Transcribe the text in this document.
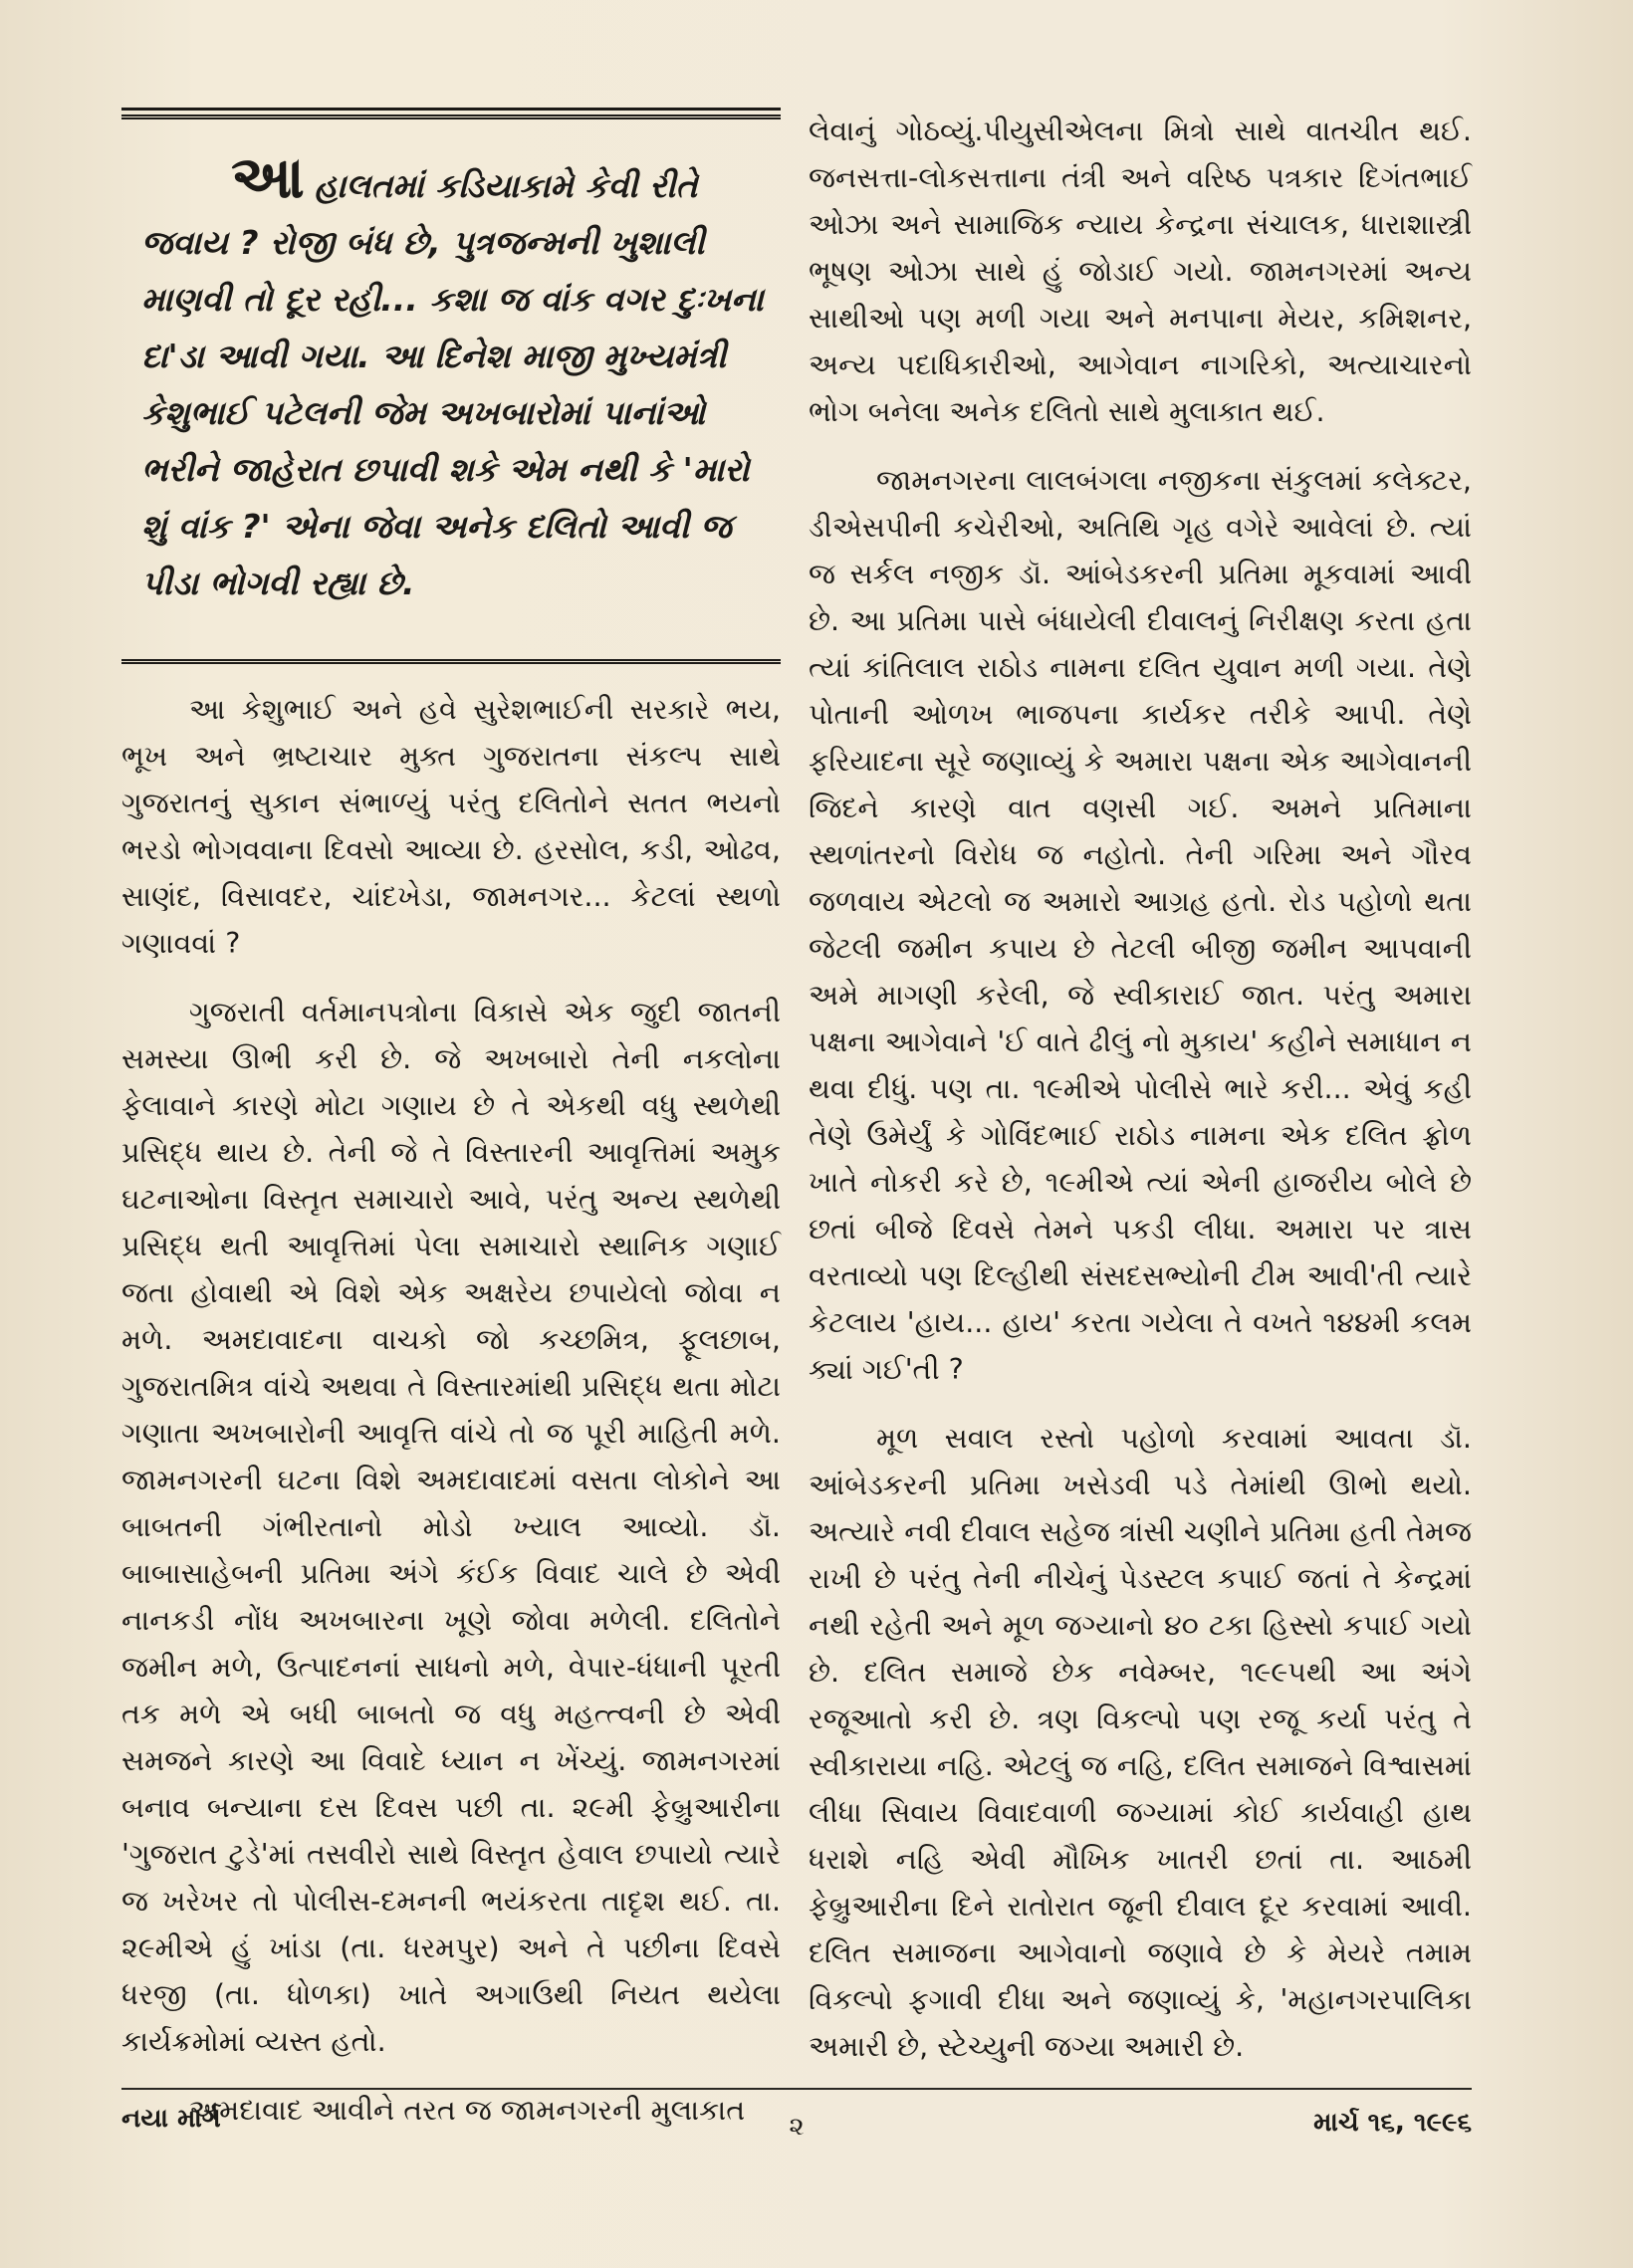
આહાલતમાં કડિયાકામે કેવી રીતે જવાય ? રોજી બંધ છે, પુત્રજન્મની ખુશાલી માણવી તો દૂર રહી... કશા જ વાંક વગર દુઃખના દા'ડા આવી ગયા. આ દિનેશ માજી મુખ્યમંત્રી કેશુભાઈ પટેલની જેમ અખબારોમાં પાનાંઓ ભરીને જાહેરાત છપાવી શકે એમ નથી કે 'મારો શું વાંક ?' એના જેવા અનેક દલિતો આવી જ પીડા ભોગવી રહ્યા છે.

આ કેશુભાઈ અને હવે સુરેશભાઈની સરકારે ભય, ભૂખ અને ભ્રષ્ટાચાર મુક્ત ગુજરાતના સંકલ્પ સાથે ગુજરાતનું સુકાન સંભાળ્યું પરંતુ દલિતોને સતત ભયનો ભરડો ભોગવવાના દિવસો આવ્યા છે. હરસોલ, કડી, ઓઢવ, સાણંદ, વિસાવદર, ચાંદખેડા, જામનગર... કેટલાં સ્થળો ગણાવવાં ?

ગુજરાતી વર્તમાનપત્રોના વિકાસે એક જુદી જાતની સમસ્યા ઊભી કરી છે. જે અખબારો તેની નકલોના ફેલાવાને કારણે મોટા ગણાય છે તે એકથી વધુ સ્થળેથી પ્રસિદ્ધ થાય છે. તેની જે તે વિસ્તારની આવૃત્તિમાં અમુક ઘટનાઓના વિસ્તૃત સમાચારો આવે, પરંતુ અન્ય સ્થળેથી પ્રસિદ્ધ થતી આવૃત્તિમાં પેલા સમાચારો સ્થાનિક ગણાઈ જતા હોવાથી એ વિશે એક અક્ષરેય છપાયેલો જોવા ન મળે. અમદાવાદના વાચકો જો કચ્છમિત્ર, ફૂલછાબ, ગુજરાતમિત્ર વાંચે અથવા તે વિસ્તારમાંથી પ્રસિદ્ધ થતા મોટા ગણાતા અખબારોની આવૃત્તિ વાંચે તો જ પૂરી માહિતી મળે. જામનગરની ઘટના વિશે અમદાવાદમાં વસતા લોકોને આ બાબતની ગંભીરતાનો મોડો ખ્યાલ આવ્યો. ડૉ. બાબાસાહેબની પ્રતિમા અંગે કંઈક વિવાદ ચાલે છે એવી નાનકડી નોંધ અખબારના ખૂણે જોવા મળેલી. દલિતોને જમીન મળે, ઉત્પાદનનાં સાધનો મળે, વેપાર-ધંધાની પૂરતી તક મળે એ બધી બાબતો જ વધુ મહત્ત્વની છે એવી સમજને કારણે આ વિવાદે ધ્યાન ન ખેંચ્યું. જામનગરમાં બનાવ બન્યાના દસ દિવસ પછી તા. ૨૯મી ફેબ્રુઆરીના 'ગુજરાત ટુડે'માં તસવીરો સાથે વિસ્તૃત હેવાલ છપાયો ત્યારે જ ખરેખર તો પોલીસ-દમનની ભયંકરતા તાદૃશ થઈ. તા. ૨૯મીએ હું ખાંડા (તા. ધરમપુર) અને તે પછીના દિવસે ધરજી (તા. ધોળકા) ખાતે અગાઉથી નિયત થયેલા કાર્યક્રમોમાં વ્યસ્ત હતો.

અમદાવાદ આવીને તરત જ જામનગરની મુલાકાત

લેવાનું ગોઠવ્યું.પીયુસીએલના મિત્રો સાથે વાતચીત થઈ. જનસત્તા-લોકસત્તાના તંત્રી અને વરિષ્ઠ પત્રકાર દિગંતભાઈ ઓઝા અને સામાજિક ન્યાય કેન્દ્રના સંચાલક, ધારાશાસ્ત્રી ભૂષણ ઓઝા સાથે હું જોડાઈ ગયો. જામનગરમાં અન્ય સાથીઓ પણ મળી ગયા અને મનપાના મેયર, કમિશનર, અન્ય પદાધિકારીઓ, આગેવાન નાગરિકો, અત્યાચારનો ભોગ બનેલા અનેક દલિતો સાથે મુલાકાત થઈ.

જામનગરના લાલબંગલા નજીકના સંકુલમાં કલેક્ટર, ડીએસપીની કચેરીઓ, અતિથિ ગૃહ વગેરે આવેલાં છે. ત્યાં જ સર્કલ નજીક ડૉ. આંબેડકરની પ્રતિમા મૂકવામાં આવી છે. આ પ્રતિમા પાસે બંધાયેલી દીવાલનું નિરીક્ષણ કરતા હતા ત્યાં કાંતિલાલ રાઠોડ નામના દલિત યુવાન મળી ગયા. તેણે પોતાની ઓળખ ભાજપના કાર્યકર તરીકે આપી. તેણે ફરિયાદના સૂરે જણાવ્યું કે અમારા પક્ષના એક આગેવાનની જિદને કારણે વાત વણસી ગઈ. અમને પ્રતિમાના સ્થળાંતરનો વિરોધ જ નહોતો. તેની ગરિમા અને ગૌરવ જળવાય એટલો જ અમારો આગ્રહ હતો. રોડ પહોળો થતા જેટલી જમીન કપાય છે તેટલી બીજી જમીન આપવાની અમે માગણી કરેલી, જે સ્વીકારાઈ જાત. પરંતુ અમારા પક્ષના આગેવાને 'ઈ વાતે ઢીલું નો મુકાય' કહીને સમાધાન ન થવા દીધું. પણ તા. ૧૯મીએ પોલીસે ભારે કરી... એવું કહી તેણે ઉમેર્યું કે ગોવિંદભાઈ રાઠોડ નામના એક દલિત ફ્રોળ ખાતે નોકરી કરે છે, ૧૯મીએ ત્યાં એની હાજરીય બોલે છે છતાં બીજે દિવસે તેમને પકડી લીધા. અમારા પર ત્રાસ વરતાવ્યો પણ દિલ્હીથી સંસદસભ્યોની ટીમ આવી'તી ત્યારે કેટલાય 'હાય... હાય' કરતા ગયેલા તે વખતે ૧૪૪મી કલમ ક્યાં ગઈ'તી ?

મૂળ સવાલ રસ્તો પહોળો કરવામાં આવતા ડૉ. આંબેડકરની પ્રતિમા ખસેડવી પડે તેમાંથી ઊભો થયો. અત્યારે નવી દીવાલ સહેજ ત્રાંસી ચણીને પ્રતિમા હતી તેમજ રાખી છે પરંતુ તેની નીચેનું પેડસ્ટલ કપાઈ જતાં તે કેન્દ્રમાં નથી રહેતી અને મૂળ જગ્યાનો ૪૦ ટકા હિસ્સો કપાઈ ગયો છે. દલિત સમાજે છેક નવેમ્બર, ૧૯૯૫થી આ અંગે રજૂઆતો કરી છે. ત્રણ વિકલ્પો પણ રજૂ કર્યા પરંતુ તે સ્વીકારાયા નહિ. એટલું જ નહિ, દલિત સમાજને વિશ્વાસમાં લીધા સિવાય વિવાદવાળી જગ્યામાં કોઈ કાર્યવાહી હાથ ધરાશે નહિ એવી મૌખિક ખાતરી છતાં તા. આઠમી ફેબ્રુઆરીના દિને રાતોરાત જૂની દીવાલ દૂર કરવામાં આવી. દલિત સમાજના આગેવાનો જણાવે છે કે મેયરે તમામ વિકલ્પો ફગાવી દીધા અને જણાવ્યું કે, 'મહાનગરપાલિકા અમારી છે, સ્ટેચ્યુની જગ્યા અમારી છે.

નયા માર્ગ	૨	માર્ચ ૧૬, ૧૯૯૬
